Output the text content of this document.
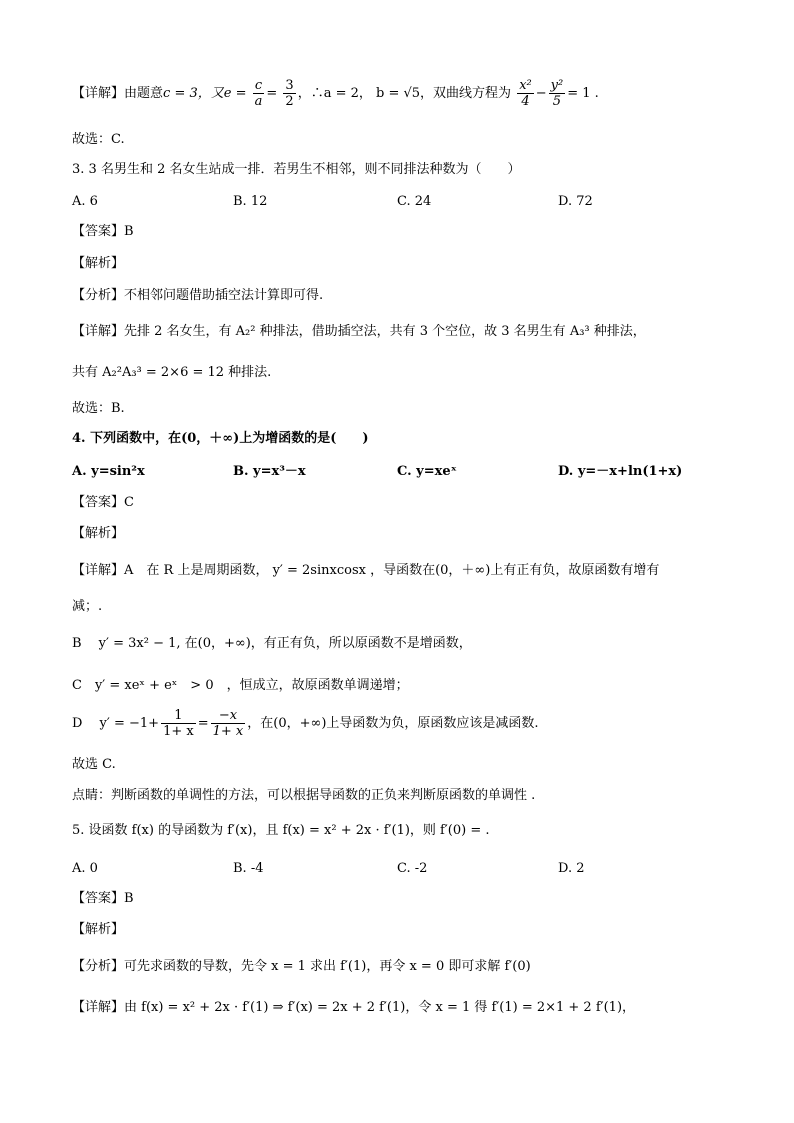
【详解】由题意c = 3，又$e = \frac{c}{a} = \frac{3}{2}$ ，∴a = 2， b = √5，双曲线方程为 $\frac{\text{x²}}{4} - \frac{\text{y²}}{5} = 1$ .
故选：C.
3. 3 名男生和 2 名女生站成一排．若男生不相邻，则不同排法种数为（　　）
A. 6	B. 12	C. 24	D. 72
【答案】B
【解析】
【分析】不相邻问题借助插空法计算即可得.
【详解】先排 2 名女生，有 A₂² 种排法，借助插空法，共有 3 个空位，故 3 名男生有 A₃³ 种排法，
共有 A₂²A₃³ = 2×6 = 12 种排法.
故选：B.
4. 下列函数中，在(0，＋∞)上为增函数的是(　　)
A. y=sin²x	B. y=x³－x	C. y=xeˣ	D. y=－x+ln(1+x)
【答案】C
【解析】
【详解】A　在 R 上是周期函数， y′ = 2sinxcosx ，导函数在(0，＋∞)上有正有负，故原函数有增有
减；.
B　 y′ = 3x² − 1, 在(0，+∞)，有正有负，所以原函数不是增函数，
C　y′ = xeˣ + eˣ　> 0　，恒成立，故原函数单调递增；
D　 $y' = -1+ \frac{1}{1+ x} = \frac{-x}{1+ x}$ ，在(0，+∞)上导函数为负，原函数应该是减函数.
故选 C.
点睛：判断函数的单调性的方法，可以根据导函数的正负来判断原函数的单调性 .
5. 设函数 f(x) 的导函数为 f′(x)，且 f(x) = x² + 2x · f′(1)，则 f′(0) = .
A. 0	B. -4	C. -2	D. 2
【答案】B
【解析】
【分析】可先求函数的导数，先令 x = 1 求出 f′(1)，再令 x = 0 即可求解 f′(0)
【详解】由 f(x) = x² + 2x · f′(1) ⇒ f′(x) = 2x + 2 f′(1)，令 x = 1 得 f′(1) = 2×1 + 2 f′(1)，
